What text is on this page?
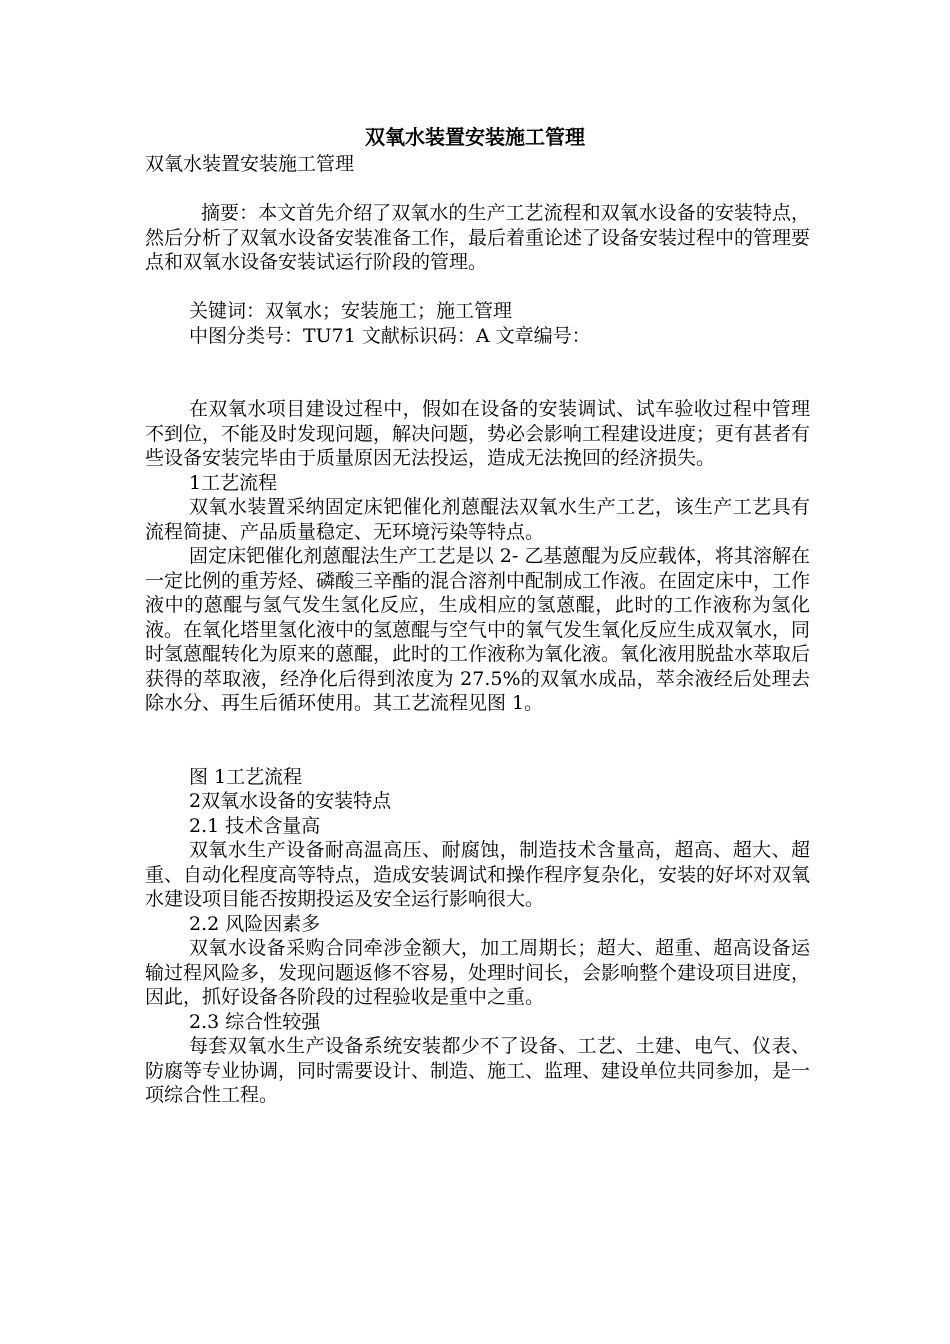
双氧水装置安装施工管理

双氧水装置安装施工管理

摘要：本文首先介绍了双氧水的生产工艺流程和双氧水设备的安装特点，然后分析了双氧水设备安装准备工作，最后着重论述了设备安装过程中的管理要点和双氧水设备安装试运行阶段的管理。

关键词：双氧水；安装施工；施工管理

中图分类号：TU71 文献标识码：A 文章编号：

在双氧水项目建设过程中，假如在设备的安装调试、试车验收过程中管理不到位，不能及时发现问题，解决问题，势必会影响工程建设进度；更有甚者有些设备安装完毕由于质量原因无法投运，造成无法挽回的经济损失。

1工艺流程

双氧水装置采纳固定床钯催化剂蒽醌法双氧水生产工艺，该生产工艺具有流程简捷、产品质量稳定、无环境污染等特点。

固定床钯催化剂蒽醌法生产工艺是以 2- 乙基蒽醌为反应载体，将其溶解在一定比例的重芳烃、磷酸三辛酯的混合溶剂中配制成工作液。在固定床中，工作液中的蒽醌与氢气发生氢化反应，生成相应的氢蒽醌，此时的工作液称为氢化液。在氧化塔里氢化液中的氢蒽醌与空气中的氧气发生氧化反应生成双氧水，同时氢蒽醌转化为原来的蒽醌，此时的工作液称为氧化液。氧化液用脱盐水萃取后获得的萃取液，经净化后得到浓度为 27.5%的双氧水成品，萃余液经后处理去除水分、再生后循环使用。其工艺流程见图 1。

图 1工艺流程

2双氧水设备的安装特点

2.1 技术含量高

双氧水生产设备耐高温高压、耐腐蚀，制造技术含量高，超高、超大、超重、自动化程度高等特点，造成安装调试和操作程序复杂化，安装的好坏对双氧水建设项目能否按期投运及安全运行影响很大。

2.2 风险因素多

双氧水设备采购合同牵涉金额大，加工周期长；超大、超重、超高设备运输过程风险多，发现问题返修不容易，处理时间长，会影响整个建设项目进度，因此，抓好设备各阶段的过程验收是重中之重。

2.3 综合性较强

每套双氧水生产设备系统安装都少不了设备、工艺、土建、电气、仪表、防腐等专业协调，同时需要设计、制造、施工、监理、建设单位共同参加，是一项综合性工程。
